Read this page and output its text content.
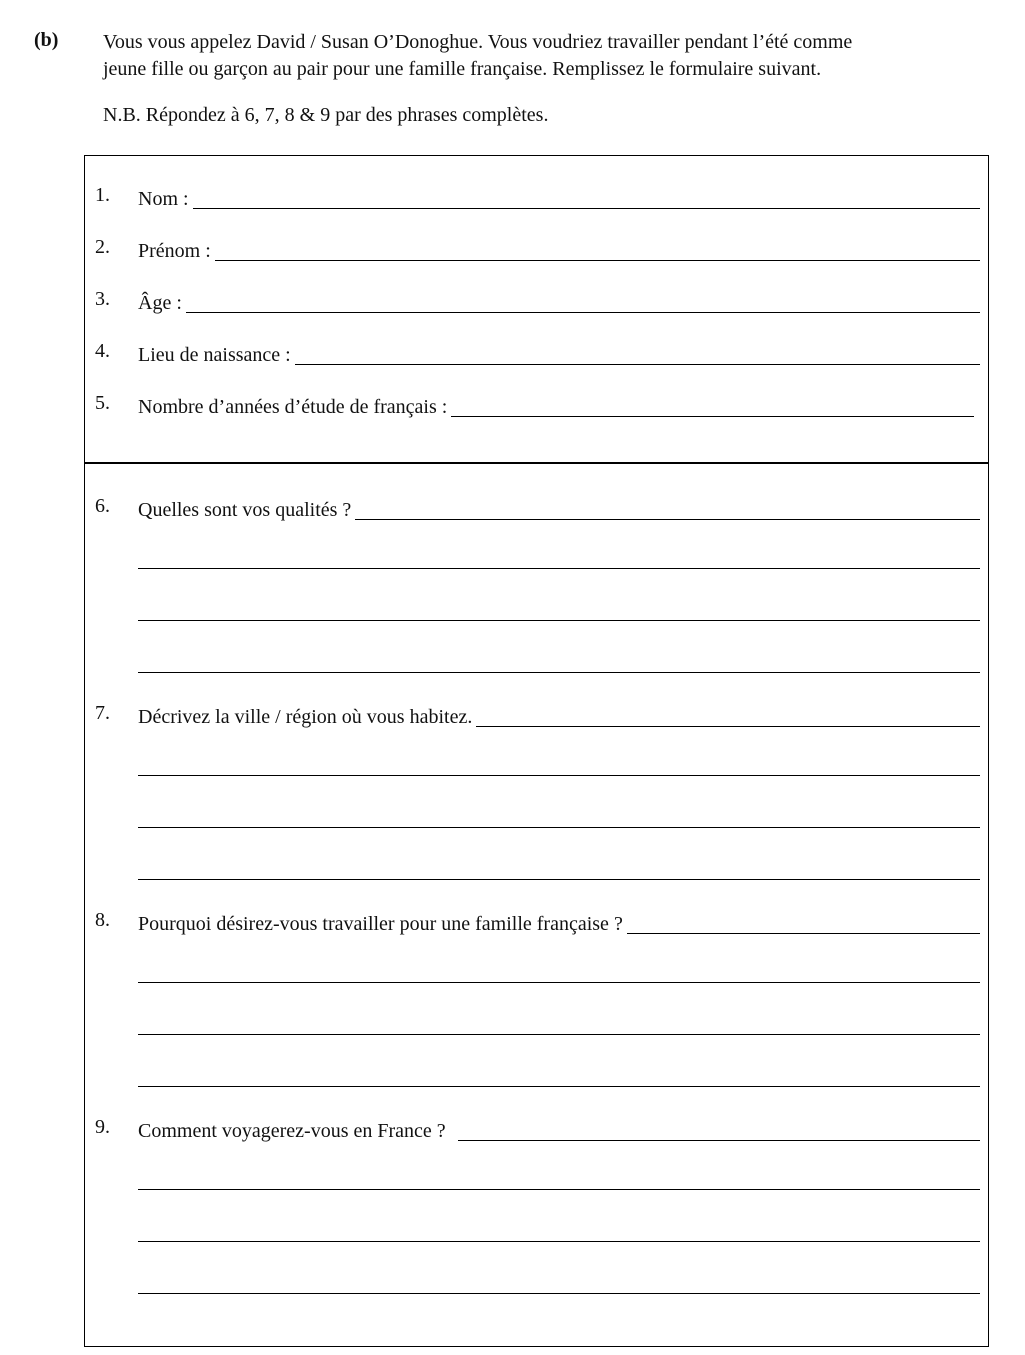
(b) Vous vous appelez David / Susan O’Donoghue. Vous voudriez travailler pendant l’été comme
jeune fille ou garçon au pair pour une famille française. Remplissez le formulaire suivant.
N.B. Répondez à 6, 7, 8 & 9 par des phrases complètes.
1. Nom :
2. Prénom :
3. Âge :
4. Lieu de naissance :
5. Nombre d’années d’étude de français :
6. Quelles sont vos qualités ?
7. Décrivez la ville / région où vous habitez.
8. Pourquoi désirez-vous travailler pour une famille française ?
9. Comment voyagerez-vous en France ?
